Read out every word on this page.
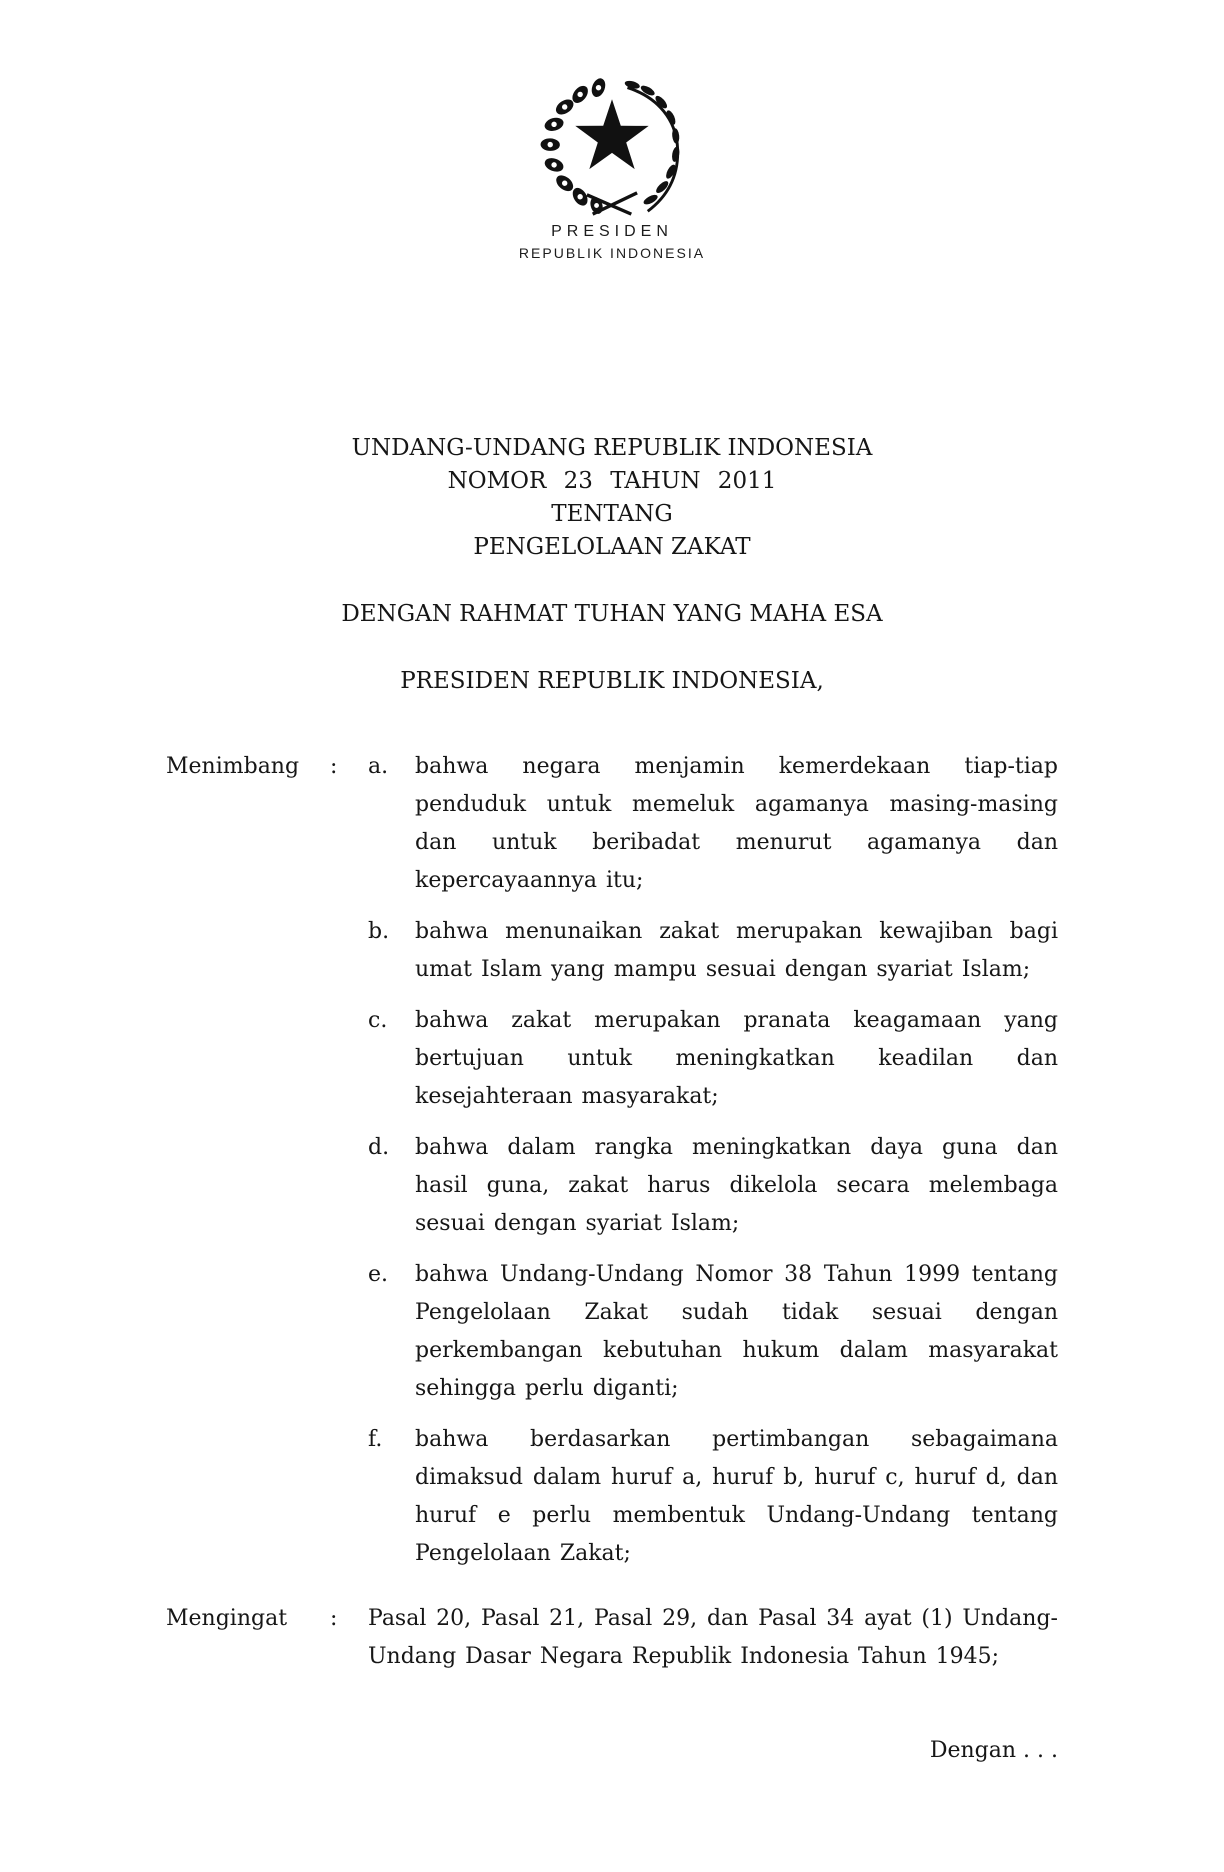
PRESIDEN
REPUBLIK INDONESIA
UNDANG-UNDANG REPUBLIK INDONESIA
NOMOR 23 TAHUN 2011
TENTANG
PENGELOLAAN ZAKAT
DENGAN RAHMAT TUHAN YANG MAHA ESA
PRESIDEN REPUBLIK INDONESIA,
Menimbang	:	a.	bahwa negara menjamin kemerdekaan tiap-tiap penduduk untuk memeluk agamanya masing-masing dan untuk beribadat menurut agamanya dan kepercayaannya itu;
b.	bahwa menunaikan zakat merupakan kewajiban bagi umat Islam yang mampu sesuai dengan syariat Islam;
c.	bahwa zakat merupakan pranata keagamaan yang bertujuan untuk meningkatkan keadilan dan kesejahteraan masyarakat;
d.	bahwa dalam rangka meningkatkan daya guna dan hasil guna, zakat harus dikelola secara melembaga sesuai dengan syariat Islam;
e.	bahwa Undang-Undang Nomor 38 Tahun 1999 tentang Pengelolaan Zakat sudah tidak sesuai dengan perkembangan kebutuhan hukum dalam masyarakat sehingga perlu diganti;
f.	bahwa berdasarkan pertimbangan sebagaimana dimaksud dalam huruf a, huruf b, huruf c, huruf d, dan huruf e perlu membentuk Undang-Undang tentang Pengelolaan Zakat;
Mengingat	:	Pasal 20, Pasal 21, Pasal 29, dan Pasal 34 ayat (1) Undang-Undang Dasar Negara Republik Indonesia Tahun 1945;
Dengan . . .
